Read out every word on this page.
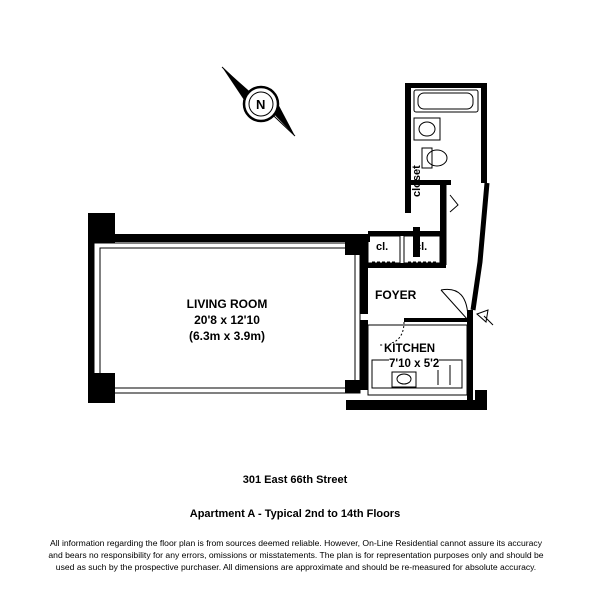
N
LIVING ROOM
20'8 x 12'10
(6.3m x 3.9m)
FOYER
KITCHEN
7'10 x 5'2
closet
cl. cl.
301 East 66th Street
Apartment A - Typical 2nd to 14th Floors
All information regarding the floor plan is from sources deemed reliable. However, On-Line Residential cannot assure its accuracy
and bears no responsibility for any errors, omissions or misstatements. The plan is for representation purposes only and should be
used as such by the prospective purchaser. All dimensions are approximate and should be re-measured for absolute accuracy.
